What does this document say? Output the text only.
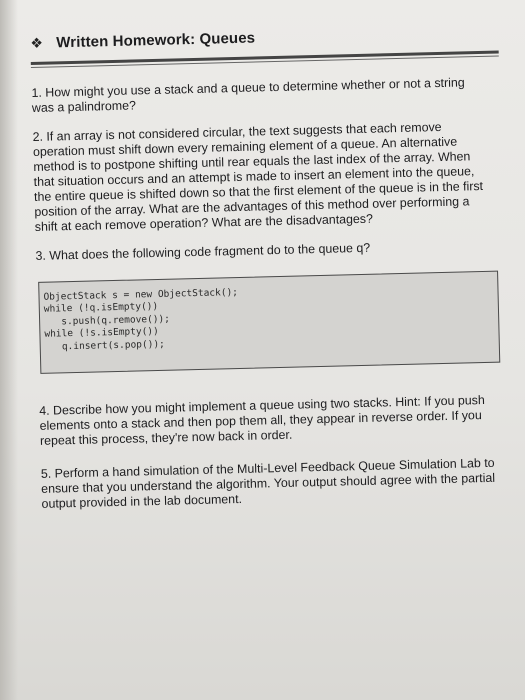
❖ Written Homework: Queues
1. How might you use a stack and a queue to determine whether or not a string was a palindrome?
2. If an array is not considered circular, the text suggests that each remove operation must shift down every remaining element of a queue. An alternative method is to postpone shifting until rear equals the last index of the array. When that situation occurs and an attempt is made to insert an element into the queue, the entire queue is shifted down so that the first element of the queue is in the first position of the array. What are the advantages of this method over performing a shift at each remove operation? What are the disadvantages?
3. What does the following code fragment do to the queue q?
ObjectStack s = new ObjectStack();
while (!q.isEmpty())
s.push(q.remove());
while (!s.isEmpty())
q.insert(s.pop());
4. Describe how you might implement a queue using two stacks. Hint: If you push elements onto a stack and then pop them all, they appear in reverse order. If you repeat this process, they're now back in order.
5. Perform a hand simulation of the Multi-Level Feedback Queue Simulation Lab to ensure that you understand the algorithm. Your output should agree with the partial output provided in the lab document.
